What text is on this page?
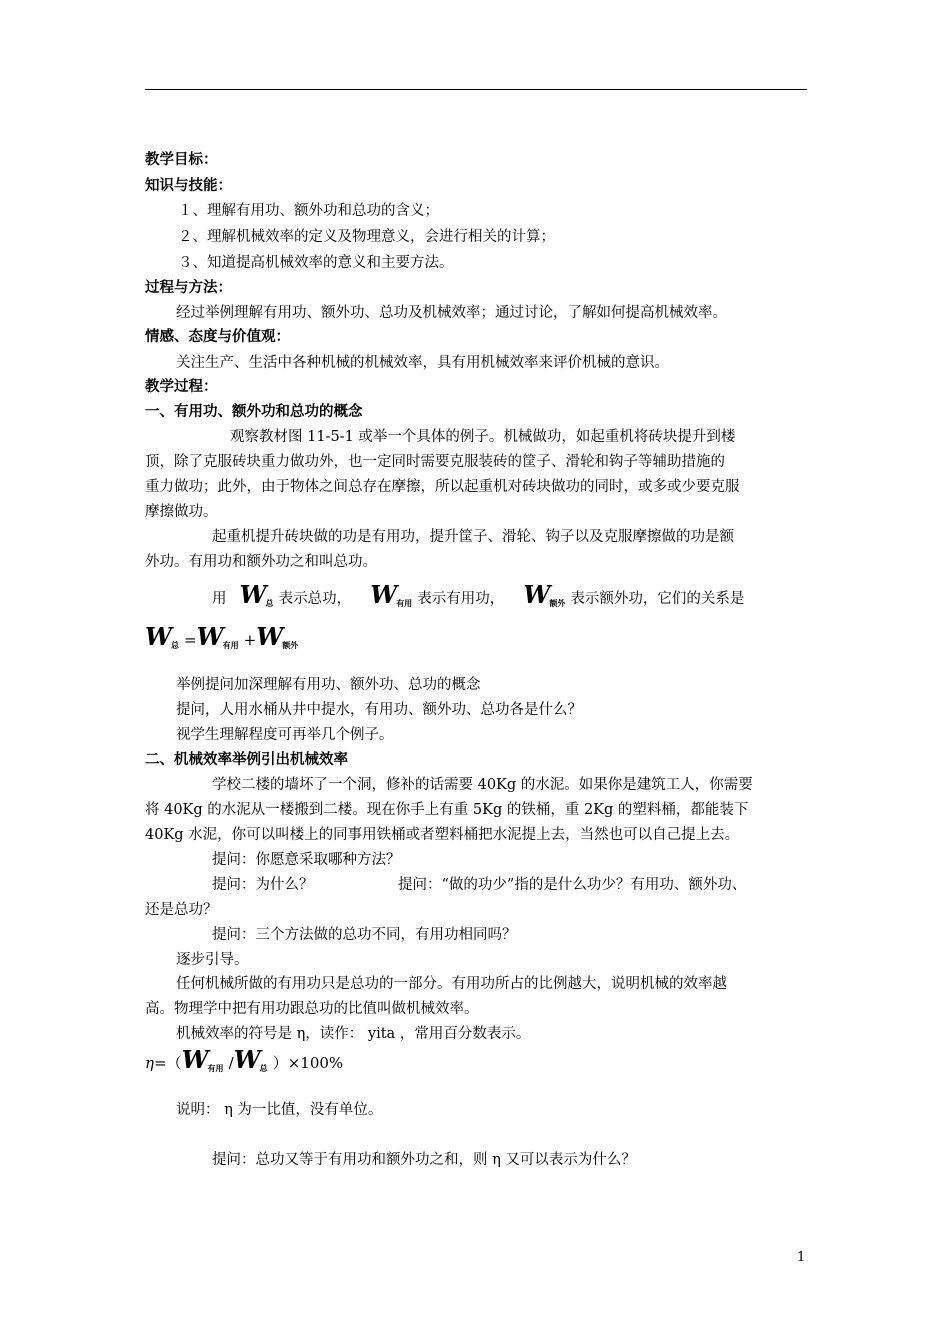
教学目标：
知识与技能：
１、理解有用功、额外功和总功的含义；
２、理解机械效率的定义及物理意义，会进行相关的计算；
３、知道提高机械效率的意义和主要方法。
过程与方法：
经过举例理解有用功、额外功、总功及机械效率；通过讨论，了解如何提高机械效率。
情感、态度与价值观：
关注生产、生活中各种机械的机械效率，具有用机械效率来评价机械的意识。
教学过程：
一、有用功、额外功和总功的概念
观察教材图 11-5-1 或举一个具体的例子。机械做功，如起重机将砖块提升到楼
顶，除了克服砖块重力做功外，也一定同时需要克服装砖的筐子、滑轮和钩子等辅助措施的
重力做功；此外，由于物体之间总存在摩擦，所以起重机对砖块做功的同时，或多或少要克服
摩擦做功。
起重机提升砖块做的功是有用功，提升筐子、滑轮、钩子以及克服摩擦做的功是额
外功。有用功和额外功之和叫总功。
用 W总 表示总功， W有用 表示有用功， W额外 表示额外功，它们的关系是
W总 =W有用 +W额外
举例提问加深理解有用功、额外功、总功的概念
提问，人用水桶从井中提水，有用功、额外功、总功各是什么？
视学生理解程度可再举几个例子。
二、机械效率举例引出机械效率
学校二楼的墙坏了一个洞，修补的话需要 40Kg 的水泥。如果你是建筑工人，你需要
将 40Kg 的水泥从一楼搬到二楼。现在你手上有重 5Kg 的铁桶，重 2Kg 的塑料桶，都能装下
40Kg 水泥，你可以叫楼上的同事用铁桶或者塑料桶把水泥提上去，当然也可以自己提上去。
提问：你愿意采取哪种方法？
提问：为什么？	提问：“做的功少”指的是什么功少？有用功、额外功、
还是总功？
提问：三个方法做的总功不同，有用功相同吗？
逐步引导。
任何机械所做的有用功只是总功的一部分。有用功所占的比例越大，说明机械的效率越
高。物理学中把有用功跟总功的比值叫做机械效率。
机械效率的符号是 η，读作： yita ，常用百分数表示。
η=（W有用 /W总 ）×100%
说明： η 为一比值，没有单位。
提问：总功又等于有用功和额外功之和，则 η 又可以表示为什么？
1
